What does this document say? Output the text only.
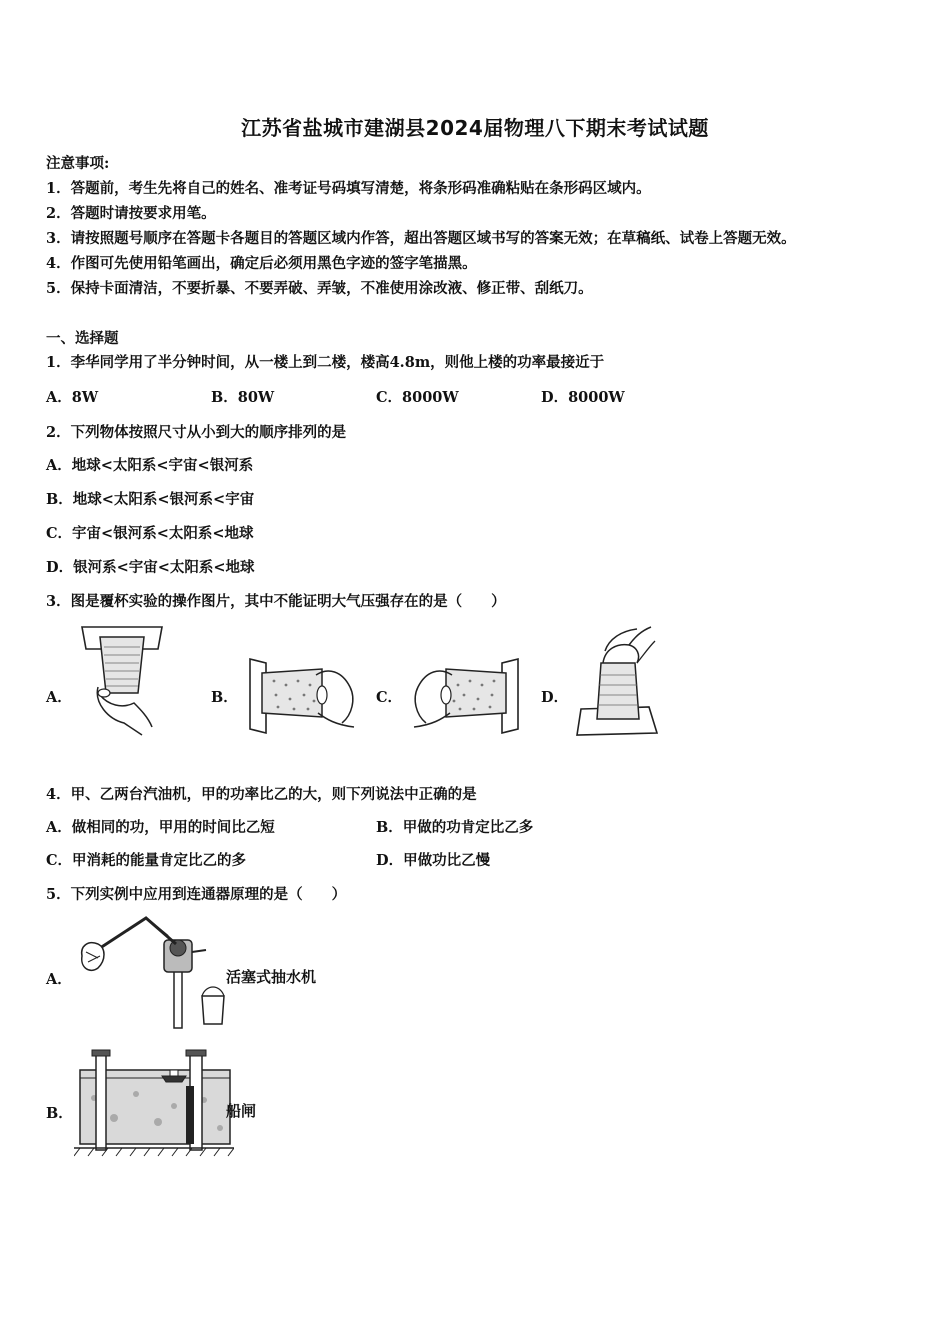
江苏省盐城市建湖县2024届物理八下期末考试试题
注意事项:
1．答题前，考生先将自己的姓名、准考证号码填写清楚，将条形码准确粘贴在条形码区域内。
2．答题时请按要求用笔。
3．请按照题号顺序在答题卡各题目的答题区域内作答，超出答题区域书写的答案无效；在草稿纸、试卷上答题无效。
4．作图可先使用铅笔画出，确定后必须用黑色字迹的签字笔描黑。
5．保持卡面清洁，不要折暴、不要弄破、弄皱，不准使用涂改液、修正带、刮纸刀。
一、选择题
1．李华同学用了半分钟时间，从一楼上到二楼，楼高4.8m，则他上楼的功率最接近于
A．8W	B．80W	C．8000W	D．8000W
2．下列物体按照尺寸从小到大的顺序排列的是
A．地球<太阳系<宇宙<银河系
B．地球<太阳系<银河系<宇宙
C．宇宙<银河系<太阳系<地球
D．银河系<宇宙<太阳系<地球
3．图是覆杯实验的操作图片，其中不能证明大气压强存在的是（　　）
A．	B．	C．	D．
4．甲、乙两台汽油机，甲的功率比乙的大，则下列说法中正确的是
A．做相同的功，甲用的时间比乙短	B．甲做的功肯定比乙多
C．甲消耗的能量肯定比乙的多	D．甲做功比乙慢
5．下列实例中应用到连通器原理的是（　　）
A．	活塞式抽水机
B．	船闸
